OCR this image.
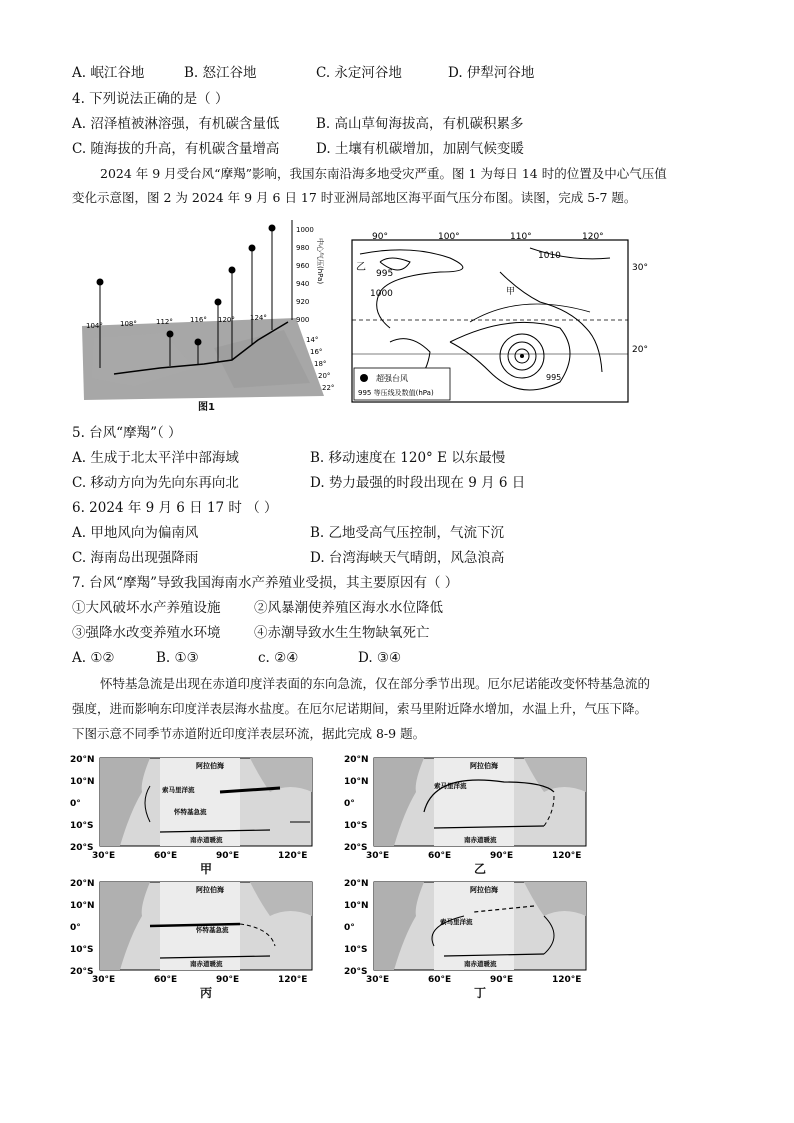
A. 岷江谷地	B. 怒江谷地	C. 永定河谷地	D. 伊犁河谷地
4. 下列说法正确的是（ ）
A. 沼泽植被淋溶强，有机碳含量低	B. 高山草甸海拔高，有机碳积累多
C. 随海拔的升高，有机碳含量增高	D. 土壤有机碳增加，加剧气候变暖
2024 年 9 月受台风“摩羯”影响，我国东南沿海多地受灾严重。图 1 为每日 14 时的位置及中心气压值
变化示意图，图 2 为 2024 年 9 月 6 日 17 时亚洲局部地区海平面气压分布图。读图，完成 5-7 题。
1000
980
960
940
920
900
中心气压(hPa)
14°
16°
18°
20°
22°
104° 108°	112° 116° 120° 124°
图1
90°	100°	110°	120°
30°
20°
乙
甲
1010
995
1000
995
超强台风
995 等压线及数值(hPa)
5. 台风“摩羯”（ ）
A. 生成于北太平洋中部海域	B. 移动速度在 120° E 以东最慢
C. 移动方向为先向东再向北	D. 势力最强的时段出现在 9 月 6 日
6. 2024 年 9 月 6 日 17 时 （ ）
A. 甲地风向为偏南风	B. 乙地受高气压控制，气流下沉
C. 海南岛出现强降雨	D. 台湾海峡天气晴朗，风急浪高
7. 台风“摩羯”导致我国海南水产养殖业受损，其主要原因有（ ）
①大风破坏水产养殖设施 ②风暴潮使养殖区海水水位降低
③强降水改变养殖水环境 ④赤潮导致水生生物缺氧死亡
A. ①②	B. ①③	c. ②④	D. ③④
怀特基急流是出现在赤道印度洋表面的东向急流，仅在部分季节出现。厄尔尼诺能改变怀特基急流的
强度，进而影响东印度洋表层海水盐度。在厄尔尼诺期间，索马里附近降水增加，水温上升，气压下降。
下图示意不同季节赤道附近印度洋表层环流，据此完成 8-9 题。
20°N
10°N
0°
10°S
20°S
30°E	60°E	90°E	120°E
阿拉伯海
索马里洋流
怀特基急流
南赤道暖流
甲
20°N
10°N
0°
10°S
20°S
30°E	60°E	90°E	120°E
阿拉伯海
索马里洋流
南赤道暖流
乙
20°N
10°N
0°
10°S
20°S
30°E	60°E	90°E	120°E
阿拉伯海
怀特基急流
南赤道暖流
丙
20°N
10°N
0°
10°S
20°S
30°E	60°E	90°E	120°E
阿拉伯海
索马里洋流
南赤道暖流
丁
